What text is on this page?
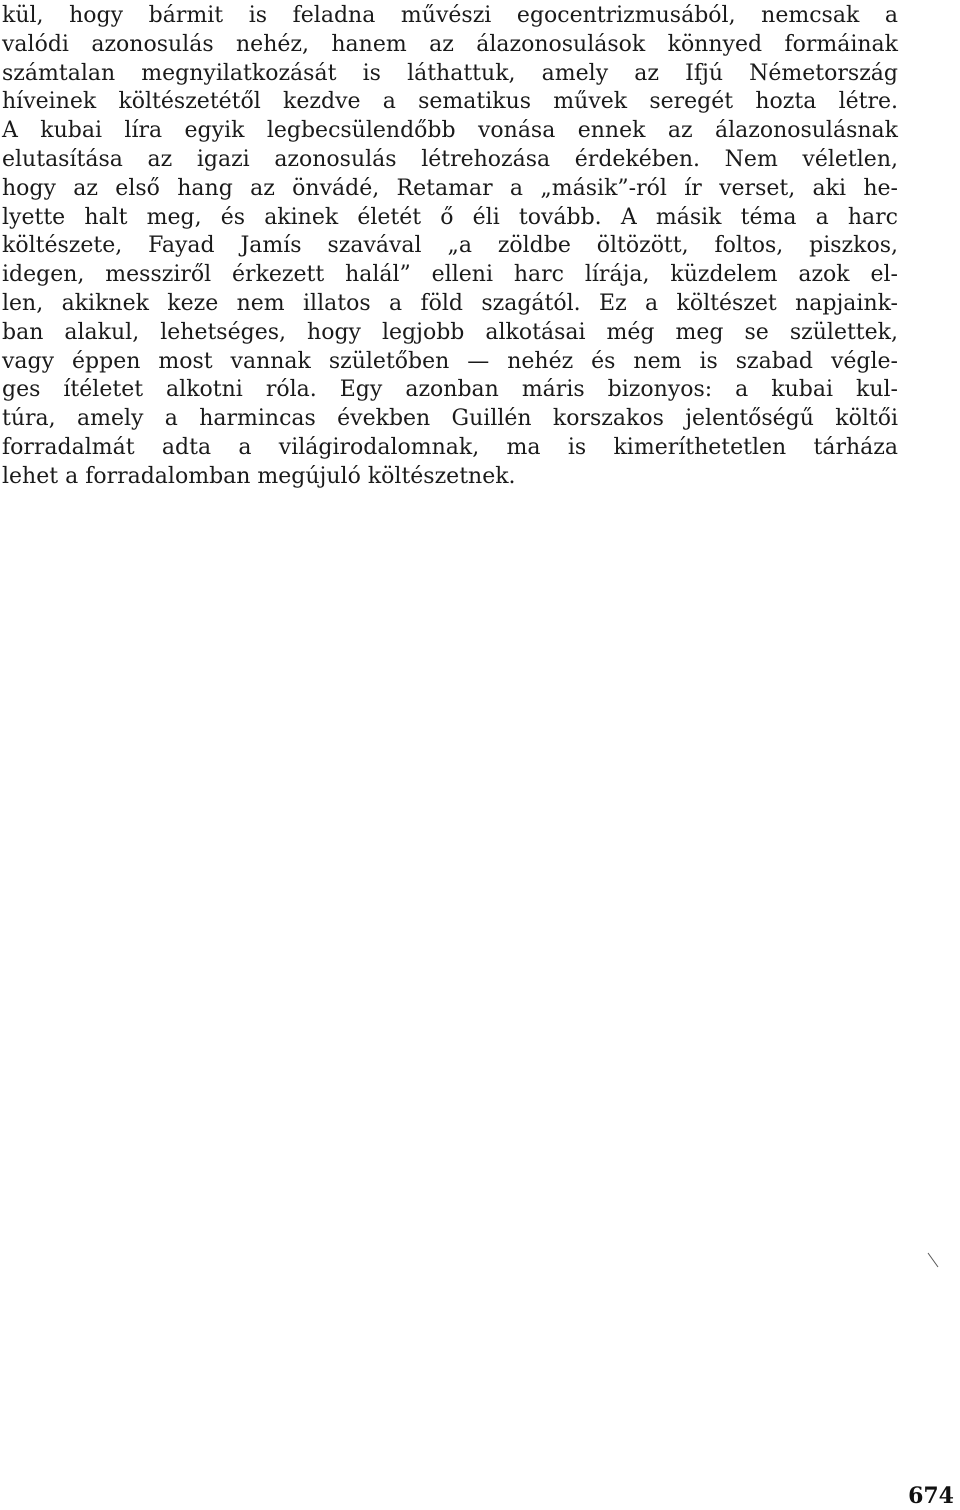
kül, hogy bármit is feladna művészi egocentrizmusából, nemcsak a
valódi azonosulás nehéz, hanem az álazonosulások könnyed formáinak
számtalan megnyilatkozását is láthattuk, amely az Ifjú Németország
híveinek költészetétől kezdve a sematikus művek seregét hozta létre.
A kubai líra egyik legbecsülendőbb vonása ennek az álazonosulásnak
elutasítása az igazi azonosulás létrehozása érdekében. Nem véletlen,
hogy az első hang az önvádé, Retamar a „másik”-ról ír verset, aki he-
lyette halt meg, és akinek életét ő éli tovább. A másik téma a harc
költészete, Fayad Jamís szavával „a zöldbe öltözött, foltos, piszkos,
idegen, messziről érkezett halál” elleni harc lírája, küzdelem azok el-
len, akiknek keze nem illatos a föld szagától. Ez a költészet napjaink-
ban alakul, lehetséges, hogy legjobb alkotásai még meg se születtek,
vagy éppen most vannak születőben — nehéz és nem is szabad végle-
ges ítéletet alkotni róla. Egy azonban máris bizonyos: a kubai kul-
túra, amely a harmincas években Guillén korszakos jelentőségű költői
forradalmát adta a világirodalomnak, ma is kimeríthetetlen tárháza
lehet a forradalomban megújuló költészetnek.
674
